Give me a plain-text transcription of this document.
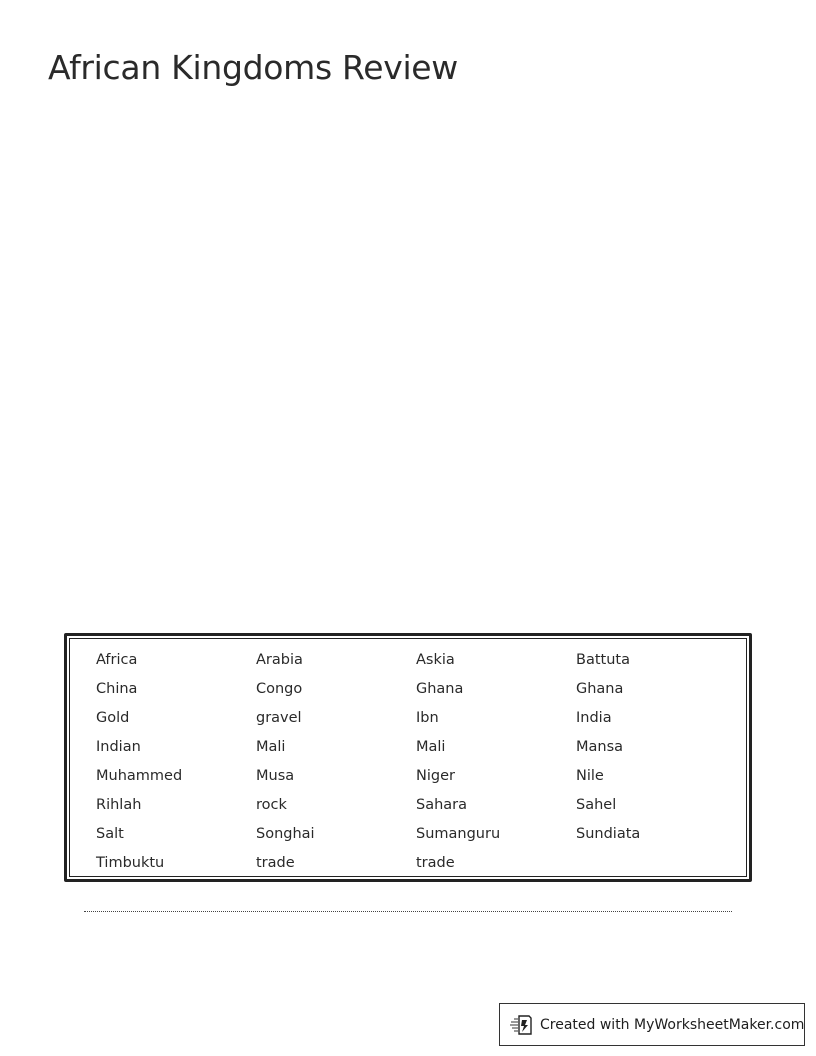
African Kingdoms Review
Africa	Arabia	Askia	Battuta
China	Congo	Ghana	Ghana
Gold	gravel	Ibn	India
Indian	Mali	Mali	Mansa
Muhammed	Musa	Niger	Nile
Rihlah	rock	Sahara	Sahel
Salt	Songhai	Sumanguru	Sundiata
Timbuktu	trade	trade
Created with MyWorksheetMaker.com
